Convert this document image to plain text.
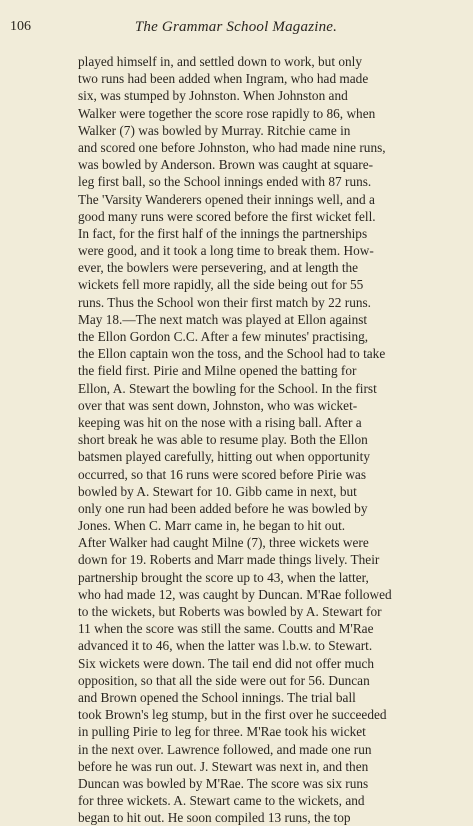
106	The Grammar School Magazine.
played himself in, and settled down to work, but only
two runs had been added when Ingram, who had made
six, was stumped by Johnston. When Johnston and
Walker were together the score rose rapidly to 86, when
Walker (7) was bowled by Murray. Ritchie came in
and scored one before Johnston, who had made nine runs,
was bowled by Anderson. Brown was caught at square-
leg first ball, so the School innings ended with 87 runs.
The 'Varsity Wanderers opened their innings well, and a
good many runs were scored before the first wicket fell.
In fact, for the first half of the innings the partnerships
were good, and it took a long time to break them. How-
ever, the bowlers were persevering, and at length the
wickets fell more rapidly, all the side being out for 55
runs. Thus the School won their first match by 22 runs.
May 18.—The next match was played at Ellon against
the Ellon Gordon C.C. After a few minutes' practising,
the Ellon captain won the toss, and the School had to take
the field first. Pirie and Milne opened the batting for
Ellon, A. Stewart the bowling for the School. In the first
over that was sent down, Johnston, who was wicket-
keeping was hit on the nose with a rising ball. After a
short break he was able to resume play. Both the Ellon
batsmen played carefully, hitting out when opportunity
occurred, so that 16 runs were scored before Pirie was
bowled by A. Stewart for 10. Gibb came in next, but
only one run had been added before he was bowled by
Jones. When C. Marr came in, he began to hit out.
After Walker had caught Milne (7), three wickets were
down for 19. Roberts and Marr made things lively. Their
partnership brought the score up to 43, when the latter,
who had made 12, was caught by Duncan. M'Rae followed
to the wickets, but Roberts was bowled by A. Stewart for
11 when the score was still the same. Coutts and M'Rae
advanced it to 46, when the latter was l.b.w. to Stewart.
Six wickets were down. The tail end did not offer much
opposition, so that all the side were out for 56. Duncan
and Brown opened the School innings. The trial ball
took Brown's leg stump, but in the first over he succeeded
in pulling Pirie to leg for three. M'Rae took his wicket
in the next over. Lawrence followed, and made one run
before he was run out. J. Stewart was next in, and then
Duncan was bowled by M'Rae. The score was six runs
for three wickets. A. Stewart came to the wickets, and
began to hit out. He soon compiled 13 runs, the top
